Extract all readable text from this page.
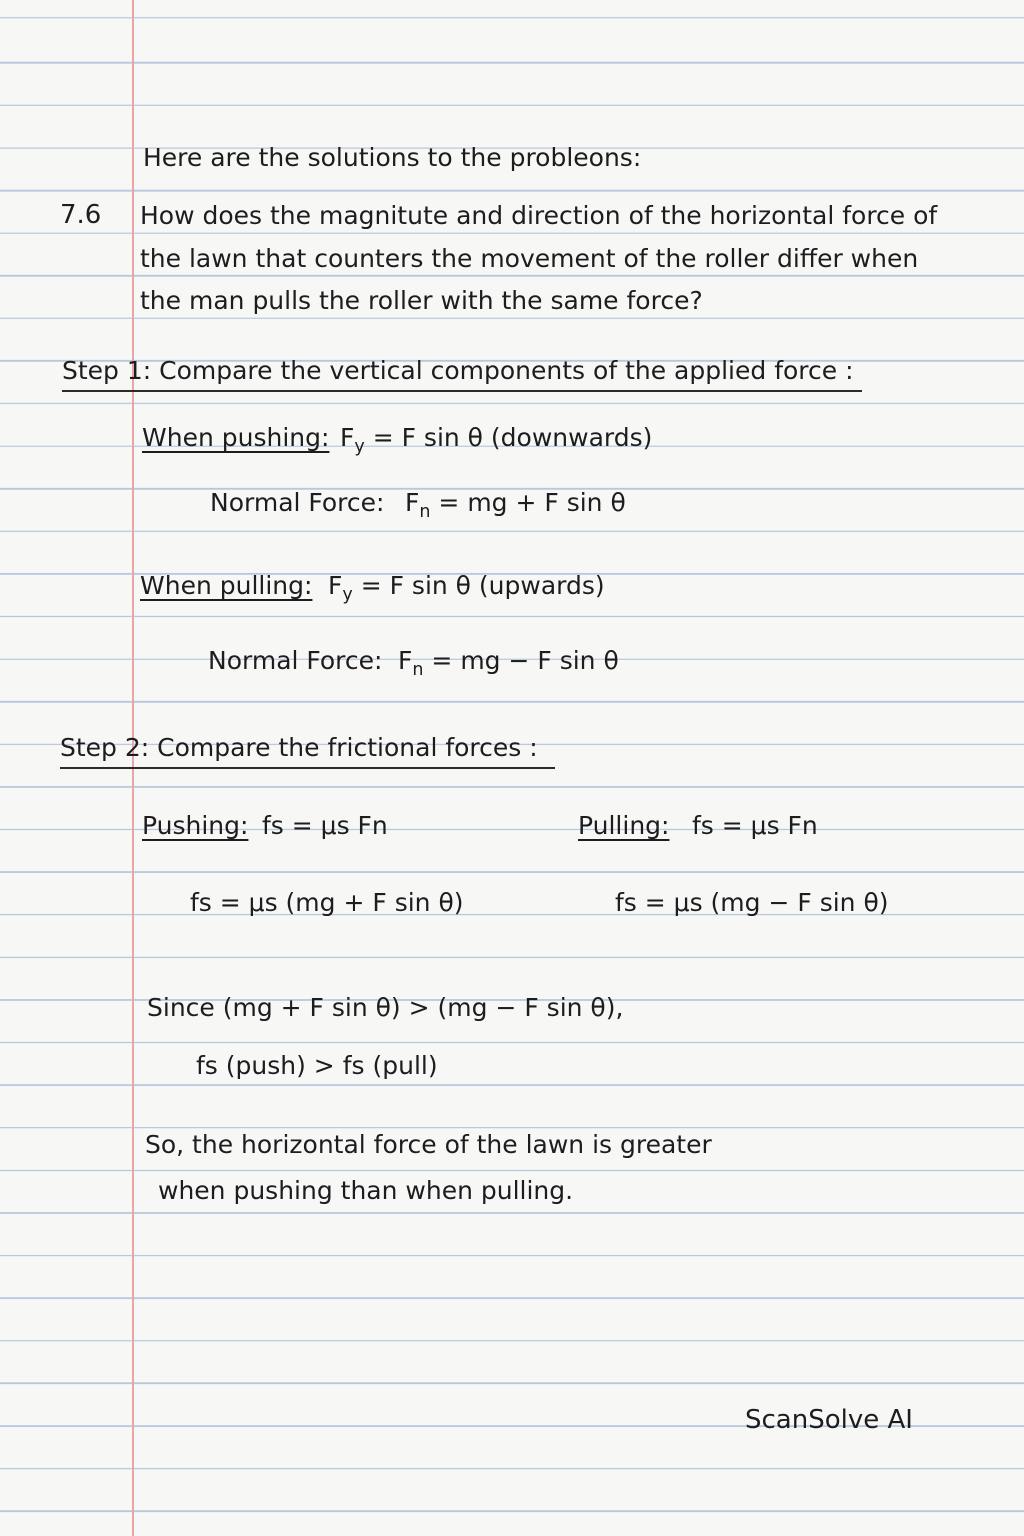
Here are the solutions to the probleons:
7.6 How does the magnitute and direction of the horizontal force of
the lawn that counters the movement of the roller differ when
the man pulls the roller with the same force?
Step 1: Compare the vertical components of the applied force :
When pushing: $F_y = F$ sin θ (downwards)
Normal Force: $F_n$ = mg + F sin θ
When pulling: $F_y = F$ sin θ (upwards)
Normal Force: $F_n$ = mg − F sin θ
Step 2: Compare the frictional forces :
Pushing: fs = μs Fn	Pulling: fs = μs Fn
fs = μs (mg + F sin θ)	fs = μs (mg − F sin θ)
Since (mg + F sin θ) > (mg − F sin θ),
fs (push) > fs (pull)
So, the horizontal force of the lawn is greater
when pushing than when pulling.
ScanSolve AI
